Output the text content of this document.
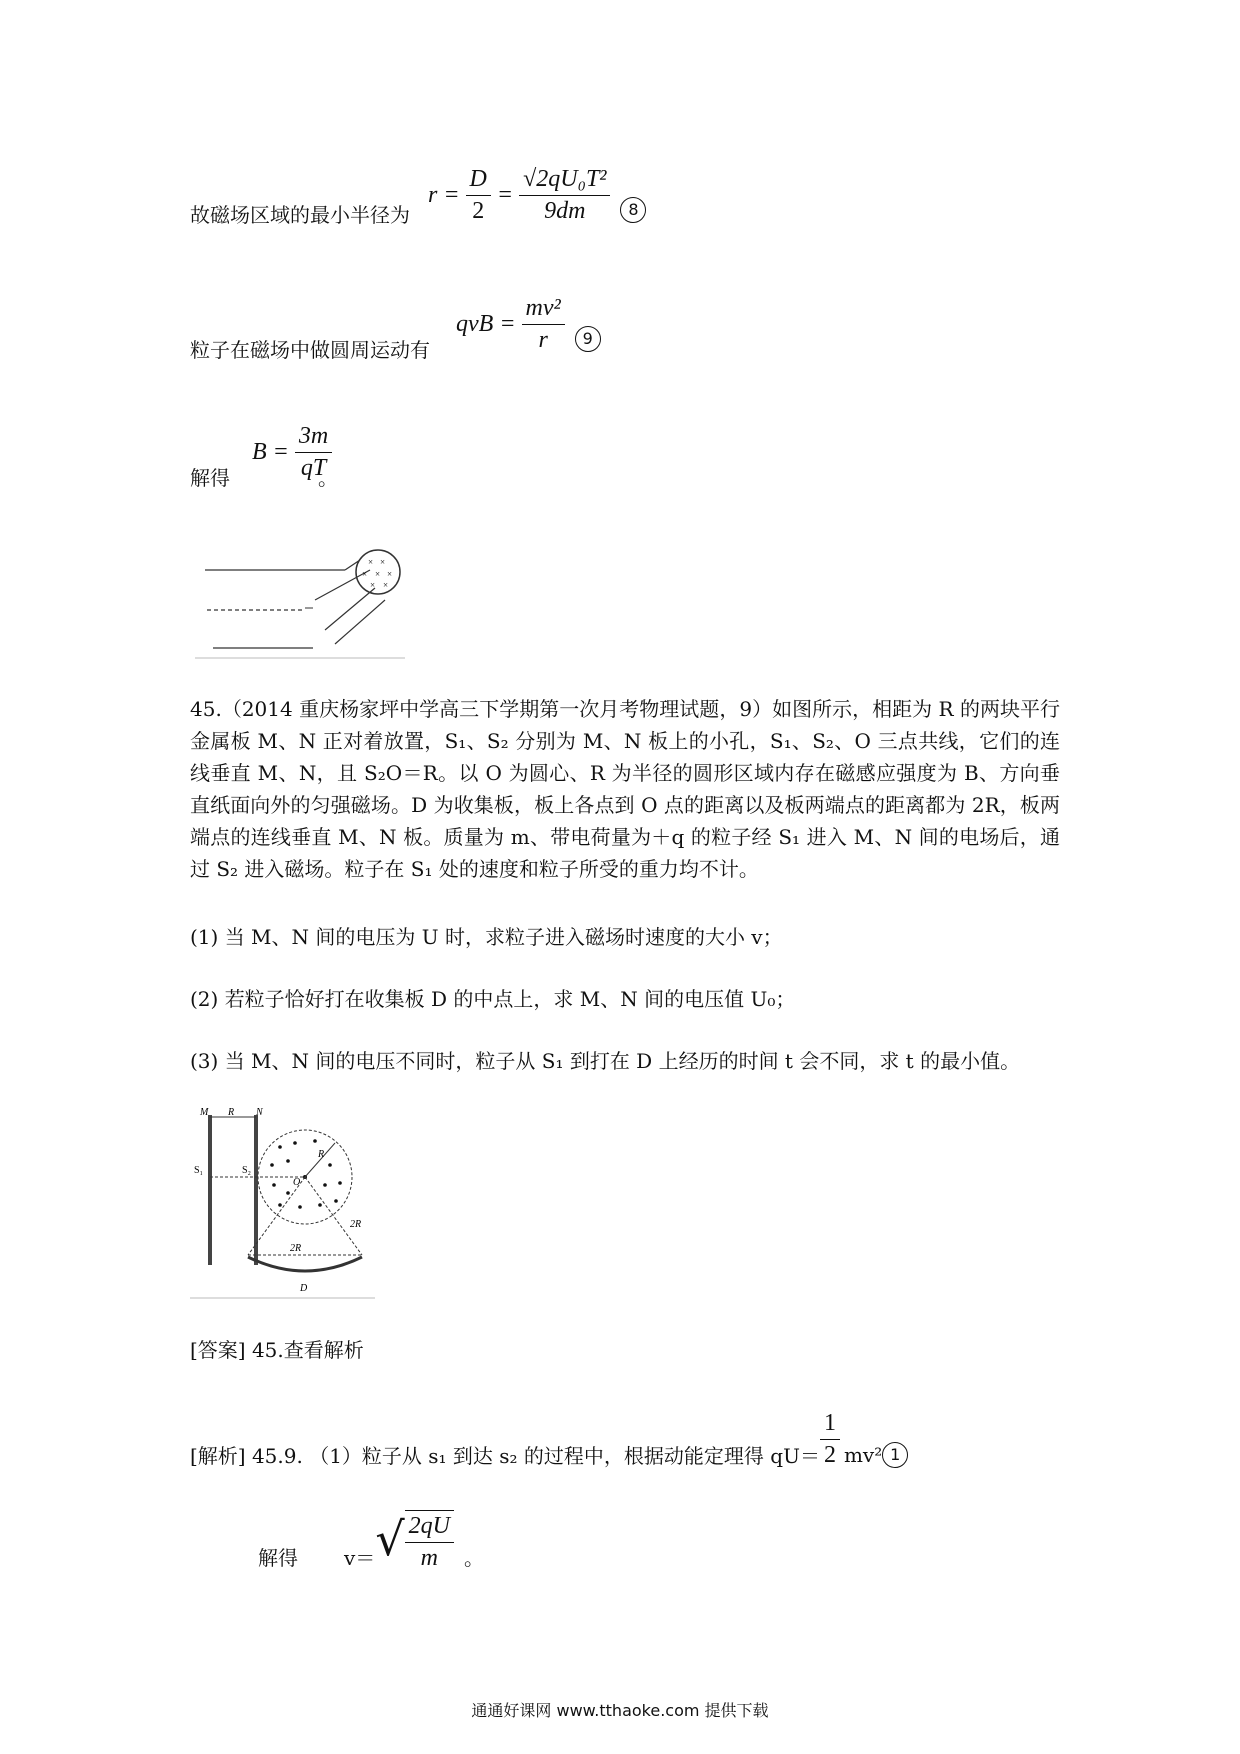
故磁场区域的最小半径为
$r = \frac{D}{2} = \frac{\text{√2qU₀T²}}{9dm}$	8
粒子在磁场中做圆周运动有
qvB = $\frac{\text{mv²}}{r}$	9
解得
$B = \frac{3m}{qT}$
。
× ×
× × ×
× ×
45.（2014 重庆杨家坪中学高三下学期第一次月考物理试题，9）如图所示，相距为 R 的两块平行金属板 M、N 正对着放置，S₁、S₂ 分别为 M、N 板上的小孔，S₁、S₂、O 三点共线，它们的连线垂直 M、N，且 S₂O＝R。以 O 为圆心、R 为半径的圆形区域内存在磁感应强度为 B、方向垂直纸面向外的匀强磁场。D 为收集板，板上各点到 O 点的距离以及板两端点的距离都为 2R，板两端点的连线垂直 M、N 板。质量为 m、带电荷量为＋q 的粒子经 S₁ 进入 M、N 间的电场后，通过 S₂ 进入磁场。粒子在 S₁ 处的速度和粒子所受的重力均不计。
(1) 当 M、N 间的电压为 U 时，求粒子进入磁场时速度的大小 v；
(2) 若粒子恰好打在收集板 D 的中点上，求 M、N 间的电压值 U₀；
(3) 当 M、N 间的电压不同时，粒子从 S₁ 到打在 D 上经历的时间 t 会不同，求 t 的最小值。
M R N
S₁	S₂
O
R
2R
2R
D
[答案] 45.查看解析
[解析] 45.9. （1）粒子从 s₁ 到达 s₂ 的过程中，根据动能定理得 $qU= \frac{1}{2} mv^2$ 1
解得 v＝ √ $\frac{2qU}{m}$ 。
通通好课网 www.tthaoke.com 提供下载
